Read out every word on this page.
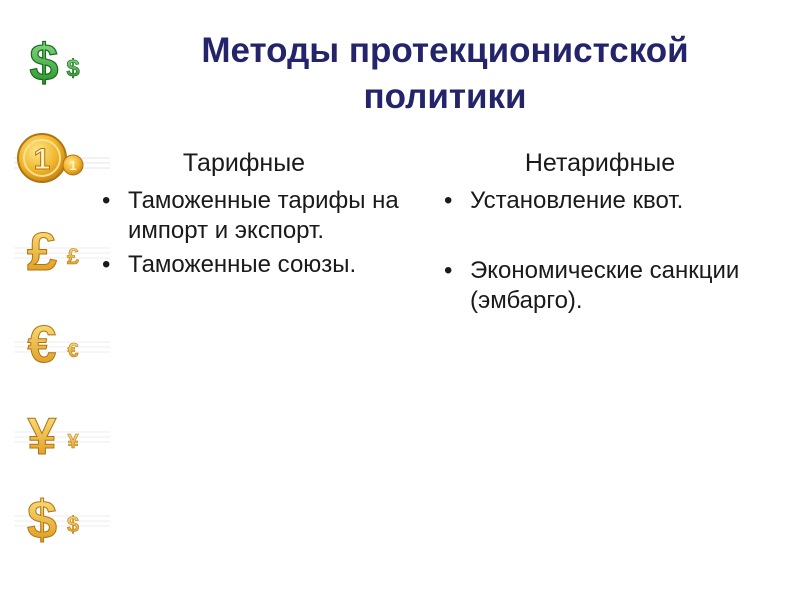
$ $
1 1
£ £
€ €
¥ ¥
$ $
Методы протекционистской политики
Тарифные
• Таможенные тарифы на импорт и экспорт.
• Таможенные союзы.
Нетарифные
• Установление квот.
• Экономические санкции (эмбарго).
